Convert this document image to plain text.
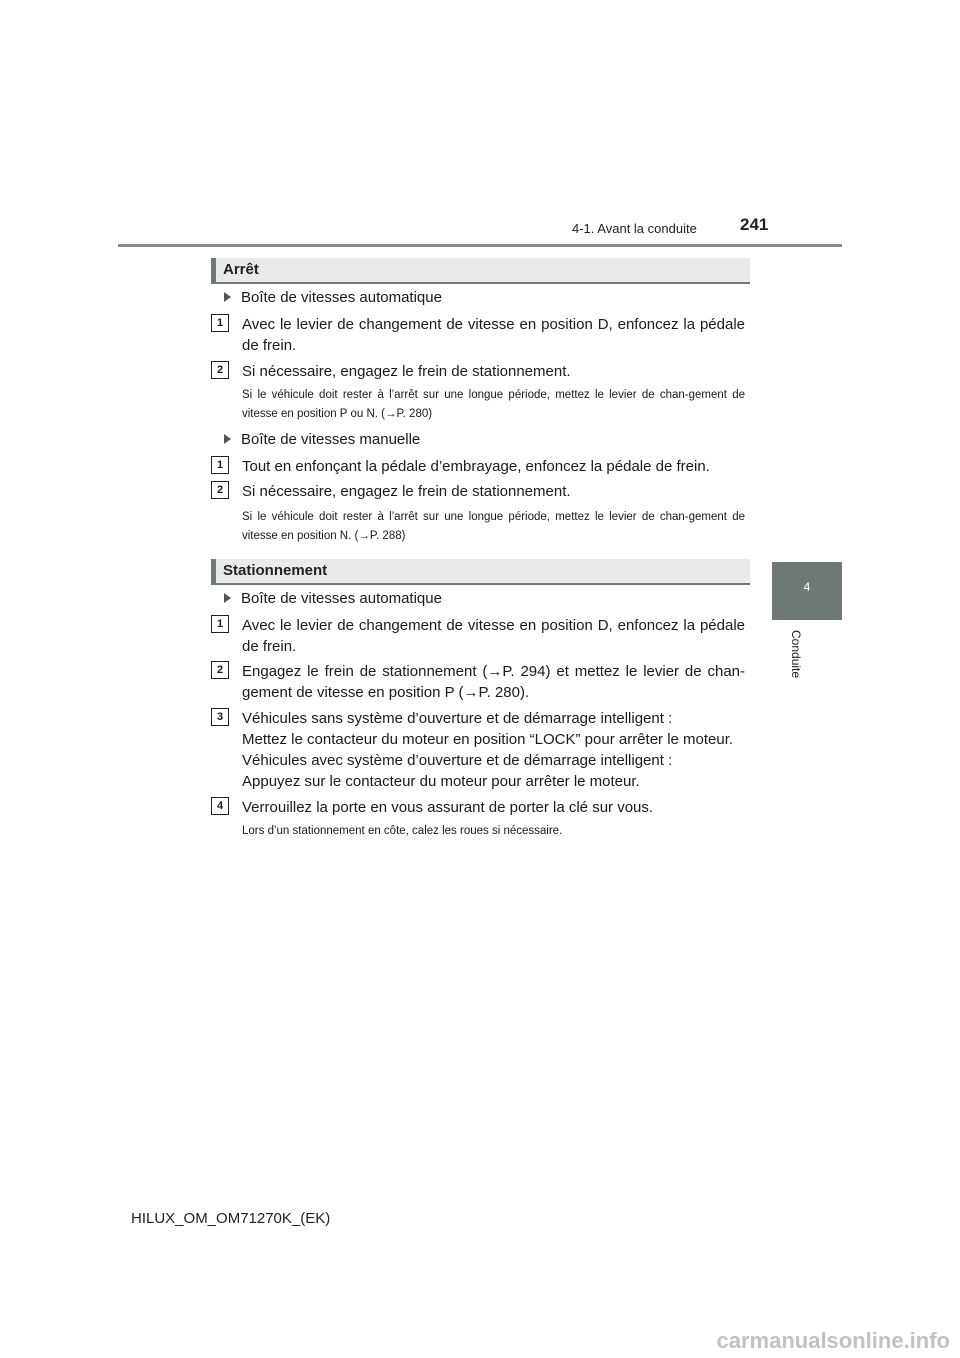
4-1. Avant la conduite	241
4
Conduite
Arrêt
Boîte de vitesses automatique
1	Avec le levier de changement de vitesse en position D, enfoncez la pédale de frein.
2	Si nécessaire, engagez le frein de stationnement.
Si le véhicule doit rester à l’arrêt sur une longue période, mettez le levier de chan-gement de vitesse en position P ou N. (→P. 280)
Boîte de vitesses manuelle
1	Tout en enfonçant la pédale d’embrayage, enfoncez la pédale de frein.
2	Si nécessaire, engagez le frein de stationnement.
Si le véhicule doit rester à l’arrêt sur une longue période, mettez le levier de chan-gement de vitesse en position N. (→P. 288)
Stationnement
Boîte de vitesses automatique
1	Avec le levier de changement de vitesse en position D, enfoncez la pédale de frein.
2	Engagez le frein de stationnement (→P. 294) et mettez le levier de chan-gement de vitesse en position P (→P. 280).
3	Véhicules sans système d’ouverture et de démarrage intelligent :
Mettez le contacteur du moteur en position “LOCK” pour arrêter le moteur.
Véhicules avec système d’ouverture et de démarrage intelligent :
Appuyez sur le contacteur du moteur pour arrêter le moteur.
4	Verrouillez la porte en vous assurant de porter la clé sur vous.
Lors d’un stationnement en côte, calez les roues si nécessaire.
HILUX_OM_OM71270K_(EK)
carmanualsonline.info
